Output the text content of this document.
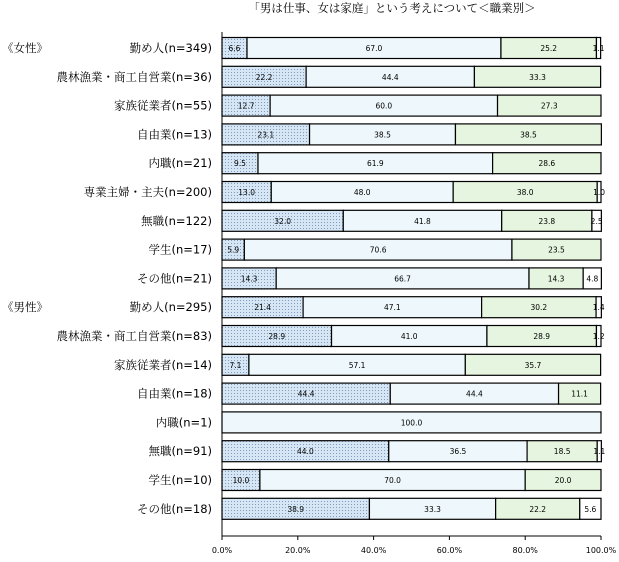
「男は仕事、女は家庭」という考えについて＜職業別＞
勤め人(n=349) 6.6	67.0	25.2	1.1
農林漁業・商工自営業(n=36)	22.2	44.4	33.3
家族従業者(n=55)	12.7	60.0	27.3
自由業(n=13)	23.1	38.5	38.5
内職(n=21)	9.5	61.9	28.6
専業主婦・主夫(n=200)	13.0	48.0	38.0	1.0
無職(n=122)	32.0	41.8	23.8	2.5
学生(n=17) 5.9	70.6	23.5
その他(n=21)	14.3	66.7	14.3	4.8
勤め人(n=295)	21.4	47.1	30.2	1.4
農林漁業・商工自営業(n=83)	28.9	41.0	28.9	1.2
家族従業者(n=14) 7.1	57.1	35.7
自由業(n=18)	44.4	44.4	11.1
内職(n=1)	100.0
無職(n=91)	44.0	36.5	18.5	1.1
学生(n=10)	10.0	70.0	20.0
その他(n=18)	38.9	33.3	22.2	5.6
《女性》
《男性》
0.0%	20.0%	40.0%	60.0%	80.0%	100.0%
